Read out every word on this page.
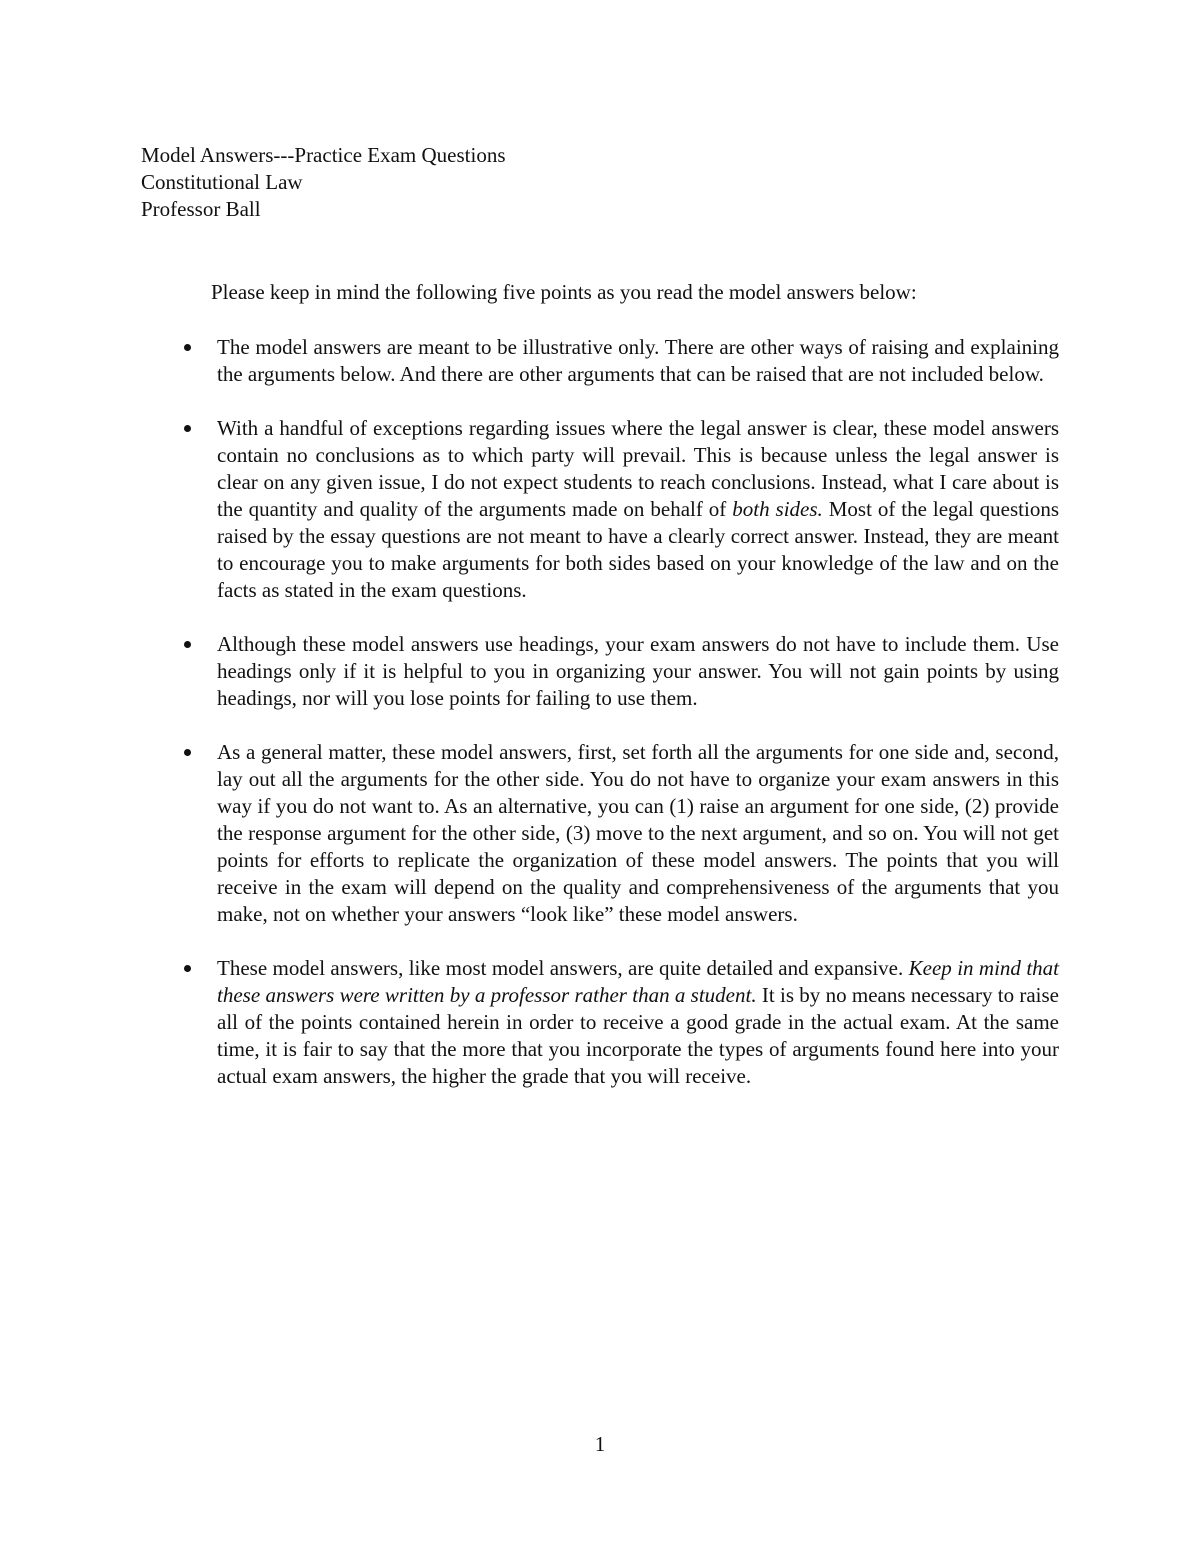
Model Answers---Practice Exam Questions
Constitutional Law
Professor Ball
Please keep in mind the following five points as you read the model answers below:
The model answers are meant to be illustrative only. There are other ways of raising and explaining the arguments below. And there are other arguments that can be raised that are not included below.
With a handful of exceptions regarding issues where the legal answer is clear, these model answers contain no conclusions as to which party will prevail. This is because unless the legal answer is clear on any given issue, I do not expect students to reach conclusions. Instead, what I care about is the quantity and quality of the arguments made on behalf of both sides. Most of the legal questions raised by the essay questions are not meant to have a clearly correct answer. Instead, they are meant to encourage you to make arguments for both sides based on your knowledge of the law and on the facts as stated in the exam questions.
Although these model answers use headings, your exam answers do not have to include them. Use headings only if it is helpful to you in organizing your answer. You will not gain points by using headings, nor will you lose points for failing to use them.
As a general matter, these model answers, first, set forth all the arguments for one side and, second, lay out all the arguments for the other side. You do not have to organize your exam answers in this way if you do not want to. As an alternative, you can (1) raise an argument for one side, (2) provide the response argument for the other side, (3) move to the next argument, and so on. You will not get points for efforts to replicate the organization of these model answers. The points that you will receive in the exam will depend on the quality and comprehensiveness of the arguments that you make, not on whether your answers “look like” these model answers.
These model answers, like most model answers, are quite detailed and expansive. Keep in mind that these answers were written by a professor rather than a student. It is by no means necessary to raise all of the points contained herein in order to receive a good grade in the actual exam. At the same time, it is fair to say that the more that you incorporate the types of arguments found here into your actual exam answers, the higher the grade that you will receive.
1
